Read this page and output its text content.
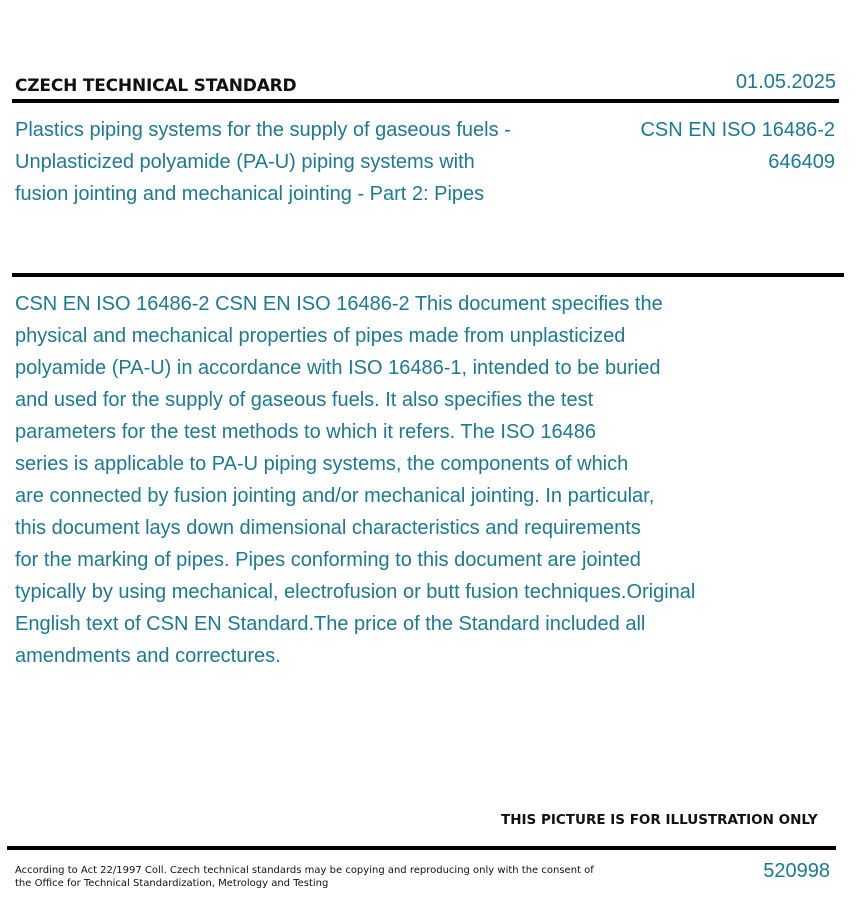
CZECH TECHNICAL STANDARD	01.05.2025
Plastics piping systems for the supply of gaseous fuels - Unplasticized polyamide (PA-U) piping systems with fusion jointing and mechanical jointing - Part 2: Pipes
CSN EN ISO 16486-2
646409
CSN EN ISO 16486-2 CSN EN ISO 16486-2 This document specifies the
physical and mechanical properties of pipes made from unplasticized
polyamide (PA-U) in accordance with ISO 16486-1, intended to be buried
and used for the supply of gaseous fuels. It also specifies the test
parameters for the test methods to which it refers. The ISO 16486
series is applicable to PA-U piping systems, the components of which
are connected by fusion jointing and/or mechanical jointing. In particular,
this document lays down dimensional characteristics and requirements
for the marking of pipes. Pipes conforming to this document are jointed
typically by using mechanical, electrofusion or butt fusion techniques.Original
English text of CSN EN Standard.The price of the Standard included all
amendments and correctures.
THIS PICTURE IS FOR ILLUSTRATION ONLY
According to Act 22/1997 Coll. Czech technical standards may be copying and reproducing only with the consent of the Office for Technical Standardization, Metrology and Testing
520998
